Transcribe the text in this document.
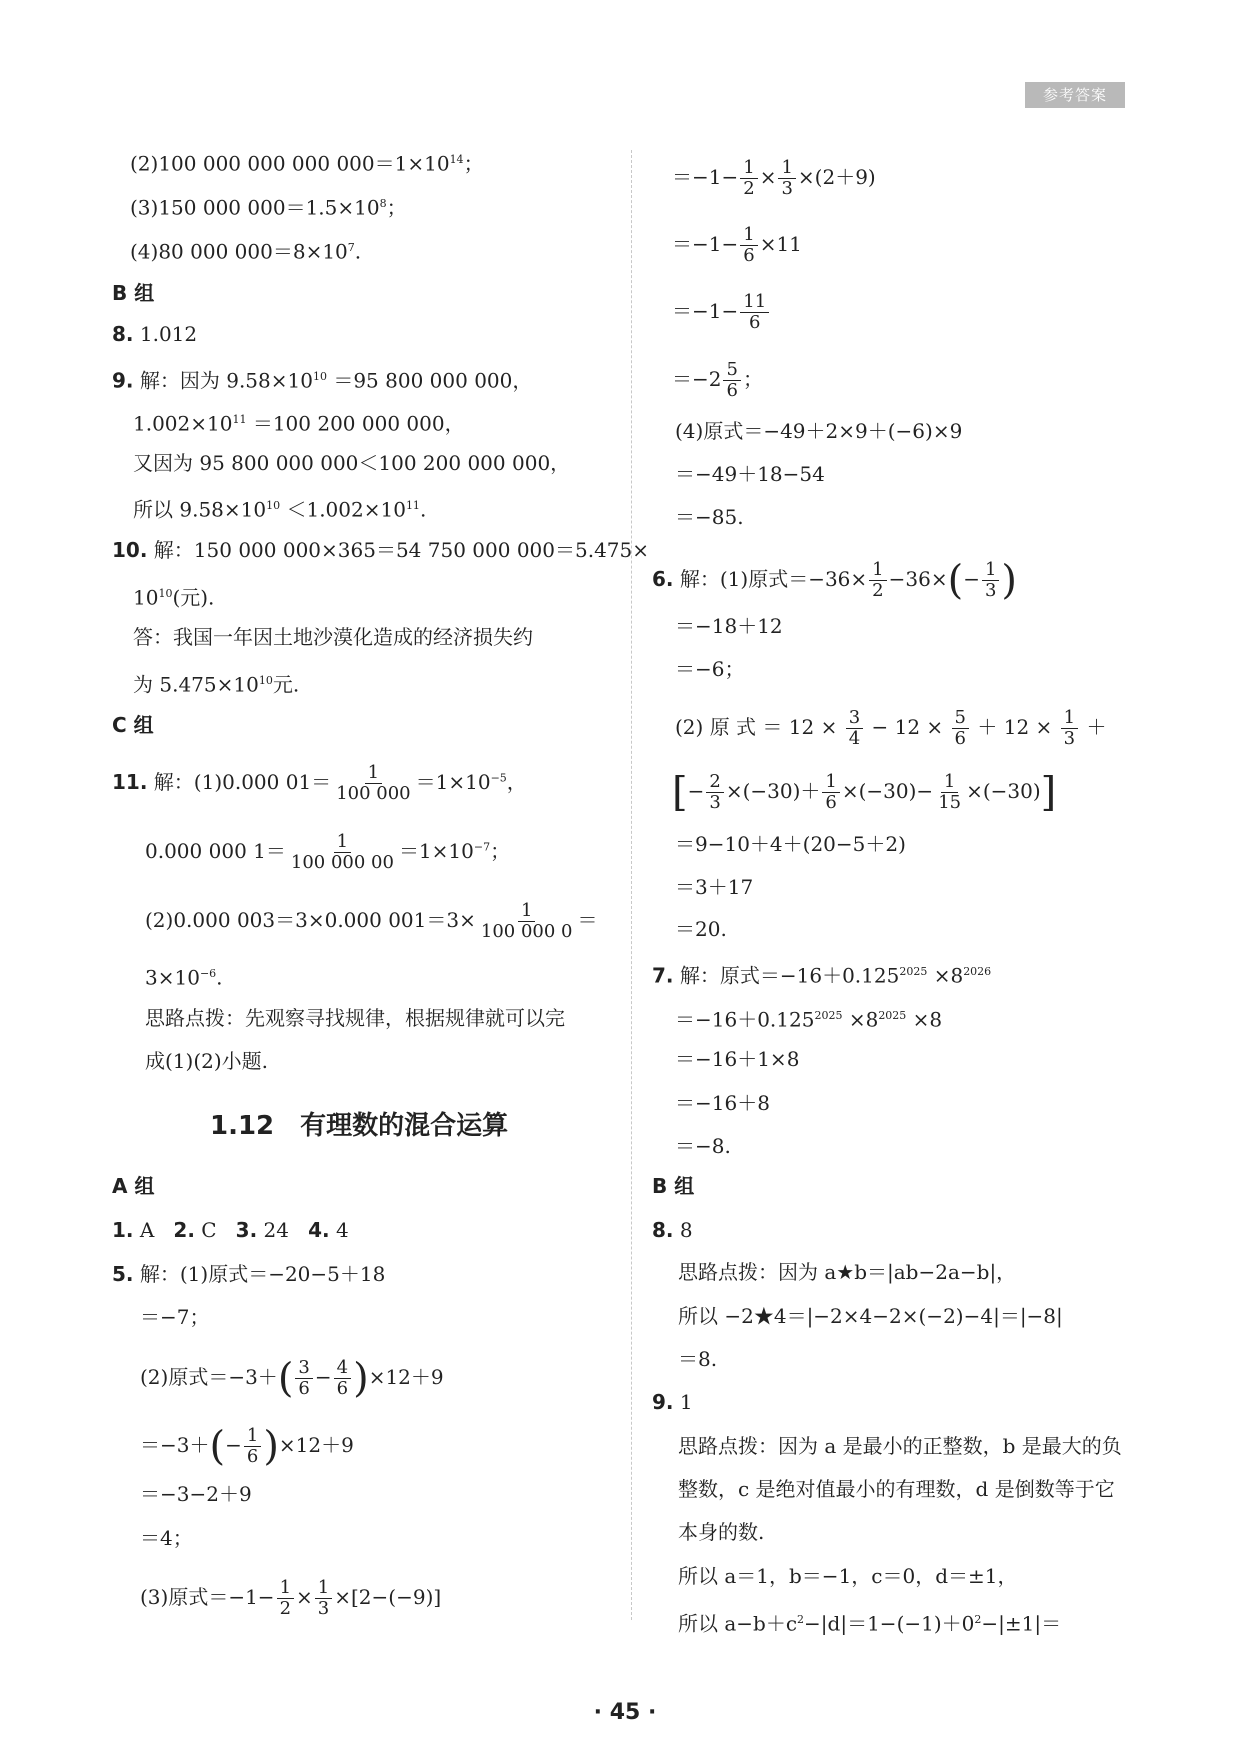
参考答案
(2)100 000 000 000 $000=1\times 10^{14}$；
(3)150 000 $000=1.5\times 10^8$；
(4)80 000 $000=8\times 10^7$.
B 组
8. 1.012
9. 解：因为 $9.58\times 10^{10} =95$ 800 000 000，
$1.002\times 10^{11} =100$ 200 000 000，
又因为 95 800 000 000＜100 200 000 000，
所以 $9.58\times 10^{10} <1.002\times 10^{11}$.
10. 解：150 000 000×365＝54 750 000 000＝5.475×
$10^{10}$(元).
答：我国一年因土地沙漠化造成的经济损失约
为 $5.475\times 10^{10}$元.
C 组
11. 解：(1)0.000 $01= \frac{1}{100 000} =1\times 10^{-5}$，
0.000 000 $1= \frac{1}{100 000 00} =1\times 10^{-7}$；
(2)0.000 003＝3×0.000 $001=3\times \frac{1}{100 000 0}$ ＝
$3\times 10^{-6}$.
思路点拨：先观察寻找规律，根据规律就可以完
成(1)(2)小题.
1.12　有理数的混合运算
A 组
1. A 2. C 3. 24 4. 4
5. 解：(1)原式＝−20−5＋18
＝−7；
(2)原式$=-3+( \frac{3}{6} - \frac{4}{6} )\times 12+9$
$=-3+(- \frac{1}{6} )\times 12+9$
＝−3−2＋9
＝4；
(3)原式$=-1- \frac{1}{2} \times \frac{1}{3} \times[2-(-9)]$
$=-1- \frac{1}{2} \times \frac{1}{3} \times(2+9)$
$=-1- \frac{1}{6} \times 11$
$=-1- \frac{11}{6}$
$=-2 \frac{5}{6}$ ；
(4)原式＝−49＋2×9＋(−6)×9
＝−49＋18−54
＝−85.
6. 解：(1)原式$=-36\times \frac{1}{2} -36\times(- \frac{1}{3}$ )
＝−18＋12
＝−6；
(2) 原 式 ＝ $12 \times \frac{3}{4} - 12 \times \frac{5}{6} + 12 \times \frac{1}{3}$ ＋
[− $\frac{2}{3} \times(-30)+ \frac{1}{6} \times(-30)- \frac{1}{15} \times(-30)$]
＝9−10＋4＋(20−5＋2)
＝3＋17
＝20.
7. 解：原式$=-16+0.125^{2025} \times 8^{2026}$
$=-16+0.125^{2025} \times 8^{2025} \times 8$
＝−16＋1×8
＝−16＋8
＝−8.
B 组
8. 8
思路点拨：因为 a★b＝|ab−2a−b|，
所以 −2★4＝|−2×4−2×(−2)−4|＝|−8|
＝8.
9. 1
思路点拨：因为 a 是最小的正整数，b 是最大的负
整数，c 是绝对值最小的有理数，d 是倒数等于它
本身的数.
所以 a＝1，b＝−1，c＝0，d＝±1，
所以 $a-b+c^2-|d|=1-(-1)+0^2-|\pm 1|=$
· 45 ·
